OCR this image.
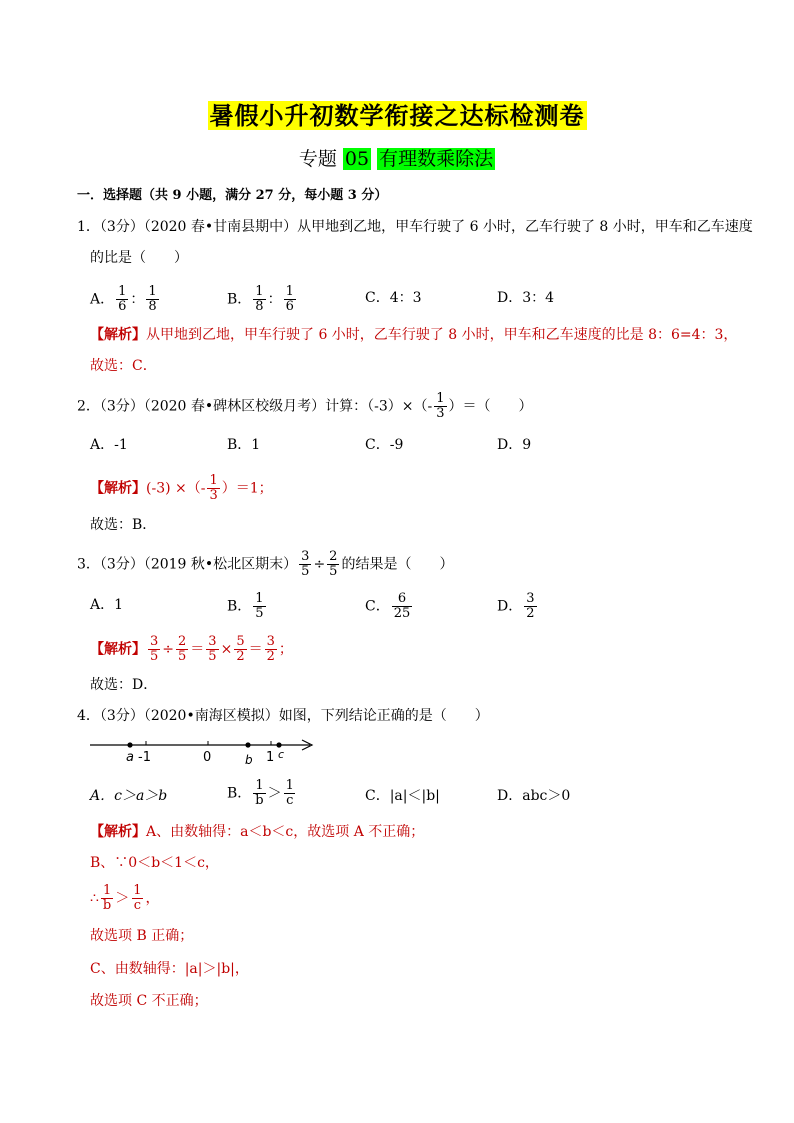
暑假小升初数学衔接之达标检测卷
专题 05 有理数乘除法
一．选择题（共 9 小题，满分 27 分，每小题 3 分）
1．（3分）（2020 春•甘南县期中）从甲地到乙地，甲车行驶了 6 小时，乙车行驶了 8 小时，甲车和乙车速度
的比是（　　）
A． $\frac{1}{6}$ ： $\frac{1}{8}$	B． $\frac{1}{8}$ ： $\frac{1}{6}$	C．4：3	D．3：4
【解析】从甲地到乙地，甲车行驶了 6 小时，乙车行驶了 8 小时，甲车和乙车速度的比是 8：6=4：3，
故选：C．
2．（3分）（2020 春•碑林区校级月考）计算：$(-3)\times(- \frac{1}{3}$ ）＝（　　）
A．-1	B．1	C．-9	D．9
【解析】(-3) ×（- $\frac{1}{3} )=1$；
故选：B．
3．（3分）（2019 秋•松北区期末） $\frac{3}{5} \div \frac{2}{5}$ 的结果是（　　）
A．1	B． $\frac{1}{5}$	C． $\frac{6}{25}$	D． $\frac{3}{2}$
【解析】 $\frac{3}{5} \div \frac{2}{5} = \frac{3}{5} \times \frac{5}{2} = \frac{3}{2}$ ；
故选：D．
4．（3分）（2020•南海区模拟）如图，下列结论正确的是（　　）
a -1	0	b 1 c
A．c＞a＞b	B． $\frac{1}{b} > \frac{1}{c}$	C．|a|＜|b|	D．abc＞0
【解析】A、由数轴得：a＜b＜c，故选项 A 不正确；
B、∵0＜b＜1＜c，
∴ $\frac{1}{b} > \frac{1}{c}$ ，
故选项 B 正确；
C、由数轴得：|a|＞|b|，
故选项 C 不正确；
